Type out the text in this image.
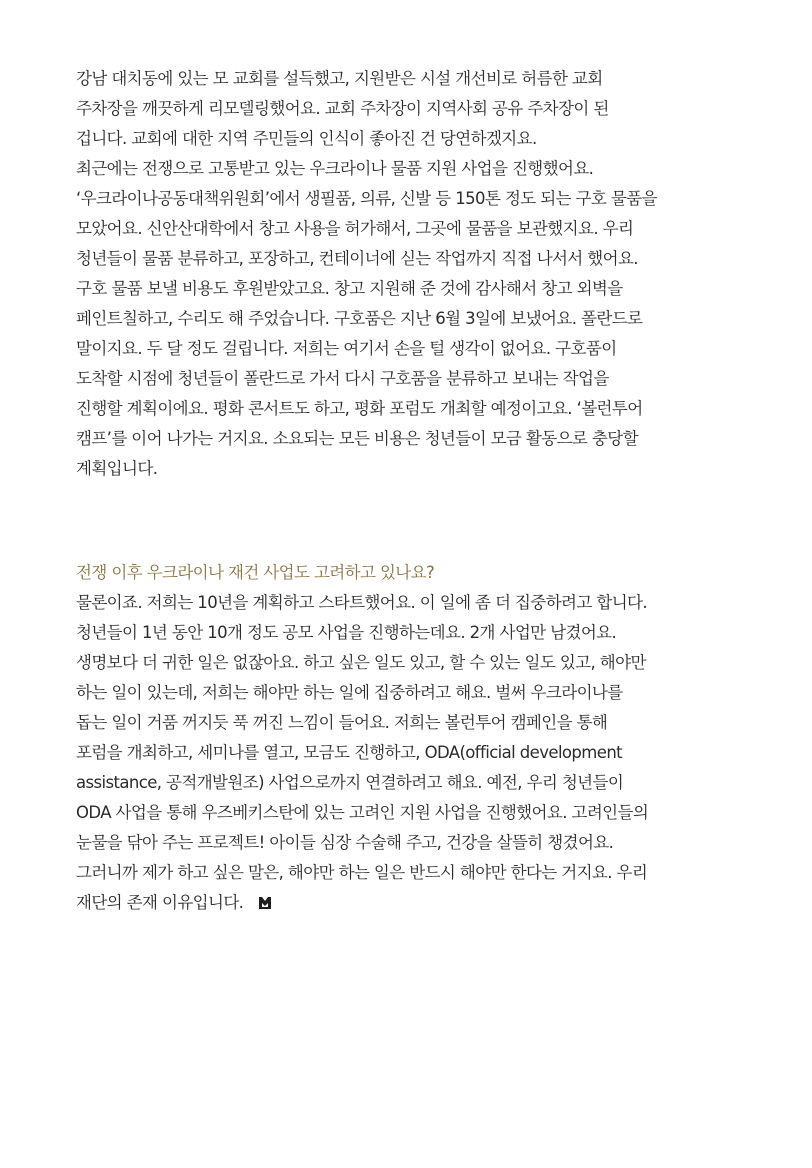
강남 대치동에 있는 모 교회를 설득했고, 지원받은 시설 개선비로 허름한 교회
주차장을 깨끗하게 리모델링했어요. 교회 주차장이 지역사회 공유 주차장이 된
겁니다. 교회에 대한 지역 주민들의 인식이 좋아진 건 당연하겠지요.
최근에는 전쟁으로 고통받고 있는 우크라이나 물품 지원 사업을 진행했어요.
‘우크라이나공동대책위원회’에서 생필품, 의류, 신발 등 150톤 정도 되는 구호 물품을
모았어요. 신안산대학에서 창고 사용을 허가해서, 그곳에 물품을 보관했지요. 우리
청년들이 물품 분류하고, 포장하고, 컨테이너에 싣는 작업까지 직접 나서서 했어요.
구호 물품 보낼 비용도 후원받았고요. 창고 지원해 준 것에 감사해서 창고 외벽을
페인트칠하고, 수리도 해 주었습니다. 구호품은 지난 6월 3일에 보냈어요. 폴란드로
말이지요. 두 달 정도 걸립니다. 저희는 여기서 손을 털 생각이 없어요. 구호품이
도착할 시점에 청년들이 폴란드로 가서 다시 구호품을 분류하고 보내는 작업을
진행할 계획이에요. 평화 콘서트도 하고, 평화 포럼도 개최할 예정이고요. ‘볼런투어
캠프’를 이어 나가는 거지요. 소요되는 모든 비용은 청년들이 모금 활동으로 충당할
계획입니다.
전쟁 이후 우크라이나 재건 사업도 고려하고 있나요?
물론이죠. 저희는 10년을 계획하고 스타트했어요. 이 일에 좀 더 집중하려고 합니다.
청년들이 1년 동안 10개 정도 공모 사업을 진행하는데요. 2개 사업만 남겼어요.
생명보다 더 귀한 일은 없잖아요. 하고 싶은 일도 있고, 할 수 있는 일도 있고, 해야만
하는 일이 있는데, 저희는 해야만 하는 일에 집중하려고 해요. 벌써 우크라이나를
돕는 일이 거품 꺼지듯 푹 꺼진 느낌이 들어요. 저희는 볼런투어 캠페인을 통해
포럼을 개최하고, 세미나를 열고, 모금도 진행하고, ODA(official development
assistance, 공적개발원조) 사업으로까지 연결하려고 해요. 예전, 우리 청년들이
ODA 사업을 통해 우즈베키스탄에 있는 고려인 지원 사업을 진행했어요. 고려인들의
눈물을 닦아 주는 프로젝트! 아이들 심장 수술해 주고, 건강을 살뜰히 챙겼어요.
그러니까 제가 하고 싶은 말은, 해야만 하는 일은 반드시 해야만 한다는 거지요. 우리
재단의 존재 이유입니다.
